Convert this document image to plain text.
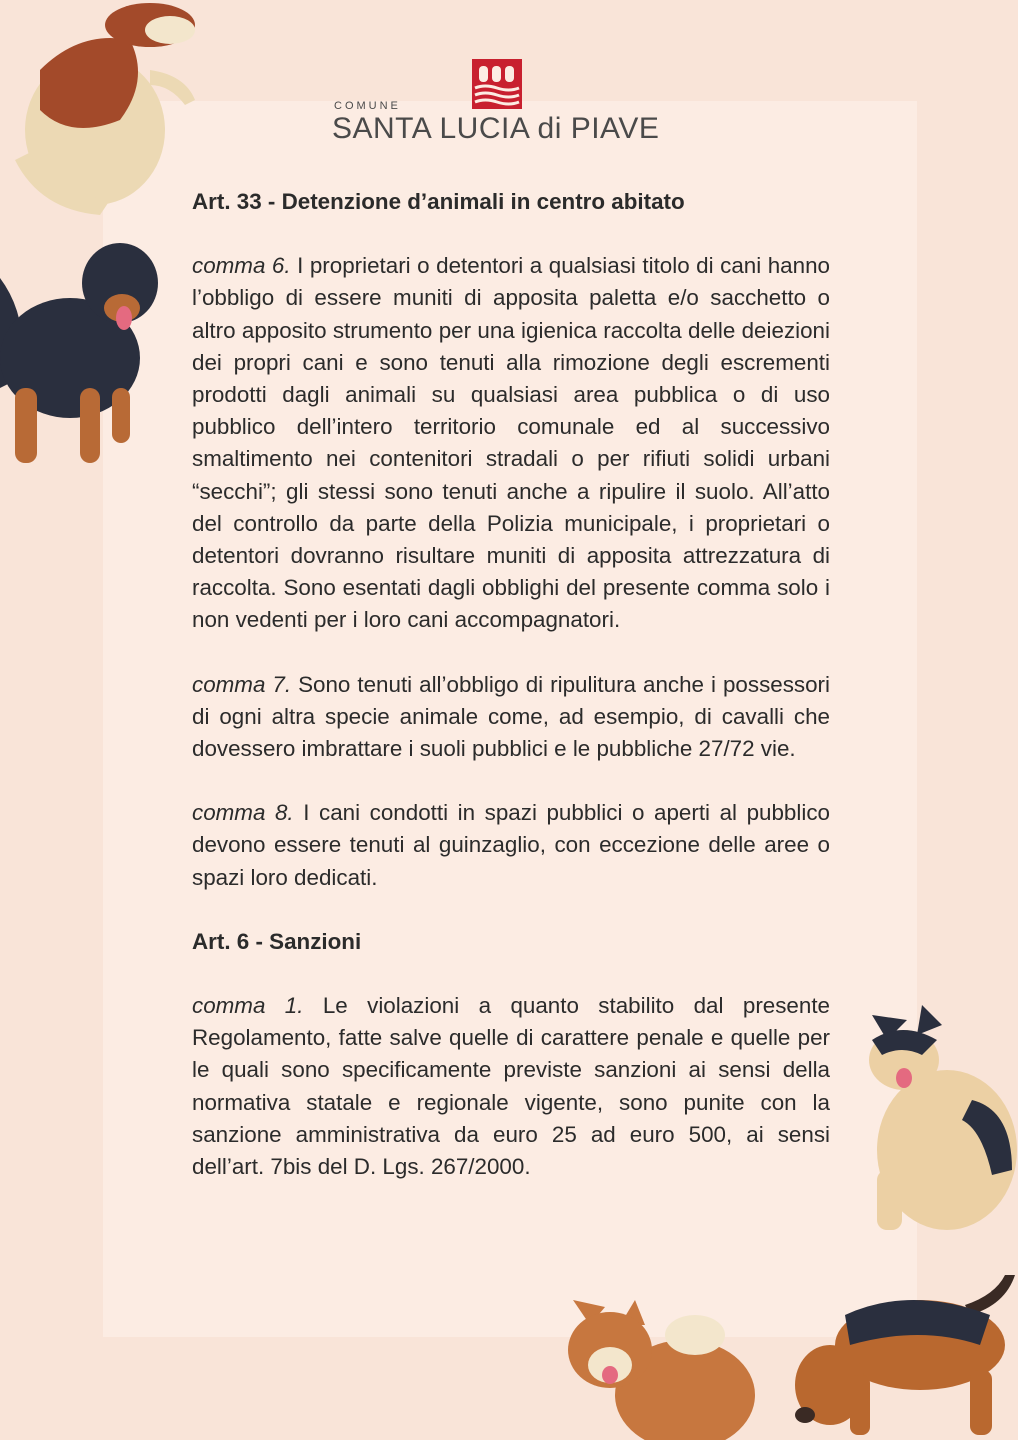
COMUNE
SANTA LUCIA di PIAVE

Art. 33 - Detenzione d’animali in centro abitato

comma 6. I proprietari o detentori a qualsiasi titolo di cani hanno l’obbligo di essere muniti di apposita paletta e/o sacchetto o altro apposito strumento per una igienica raccolta delle deiezioni dei propri cani e sono tenuti alla rimozione degli escrementi prodotti dagli animali su qualsiasi area pubblica o di uso pubblico dell’intero territorio comunale ed al successivo smaltimento nei contenitori stradali o per rifiuti solidi urbani “secchi”; gli stessi sono tenuti anche a ripulire il suolo. All’atto del controllo da parte della Polizia municipale, i proprietari o detentori dovranno risultare muniti di apposita attrezzatura di raccolta. Sono esentati dagli obblighi del presente comma solo i non vedenti per i loro cani accompagnatori.

comma 7. Sono tenuti all’obbligo di ripulitura anche i possessori di ogni altra specie animale come, ad esempio, di cavalli che dovessero imbrattare i suoli pubblici e le pubbliche 27/72 vie.

comma 8. I cani condotti in spazi pubblici o aperti al pubblico devono essere tenuti al guinzaglio, con eccezione delle aree o spazi loro dedicati.

Art. 6 - Sanzioni

comma 1. Le violazioni a quanto stabilito dal presente Regolamento, fatte salve quelle di carattere penale e quelle per le quali sono specificamente previste sanzioni ai sensi della normativa statale e regionale vigente, sono punite con la sanzione amministrativa da euro 25 ad euro 500, ai sensi dell’art. 7bis del D. Lgs. 267/2000.
